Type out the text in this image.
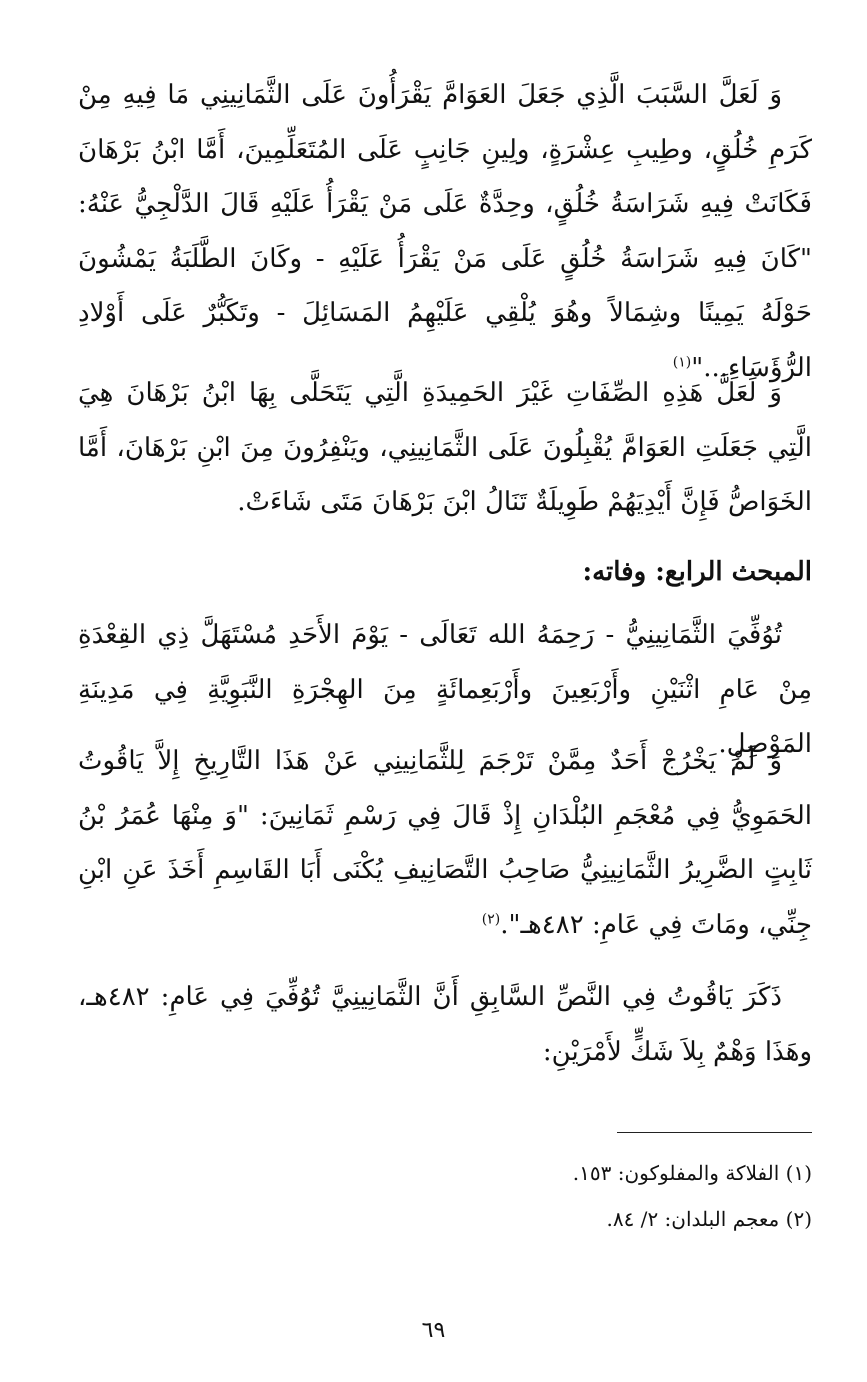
وَ لَعَلَّ السَّبَبَ الَّذِي جَعَلَ العَوَامَّ يَقْرَأُونَ عَلَى الثَّمَانِينِي مَا فِيهِ مِنْ كَرَمِ خُلُقٍ، وطِيبِ عِشْرَةٍ، ولِينِ جَانِبٍ عَلَى المُتَعَلِّمِينَ، أَمَّا ابْنُ بَرْهَانَ فَكَانَتْ فِيهِ شَرَاسَةُ خُلُقٍ، وحِدَّةٌ عَلَى مَنْ يَقْرَأُ عَلَيْهِ قَالَ الدَّلْجِيُّ عَنْهُ: "كَانَ فِيهِ شَرَاسَةُ خُلُقٍ عَلَى مَنْ يَقْرَأُ عَلَيْهِ - وكَانَ الطَّلَبَةُ يَمْشُونَ حَوْلَهُ يَمِينًا وشِمَالاً وهُوَ يُلْقِي عَلَيْهِمُ المَسَائِلَ - وتَكَبُّرٌ عَلَى أَوْلادِ الرُّؤَسَاءِ..."$^{(١)}$

وَ لَعَلَّ هَذِهِ الصِّفَاتِ غَيْرَ الحَمِيدَةِ الَّتِي يَتَحَلَّى بِهَا ابْنُ بَرْهَانَ هِيَ الَّتِي جَعَلَتِ العَوَامَّ يُقْبِلُونَ عَلَى الثَّمَانِينِي، ويَنْفِرُونَ مِنَ ابْنِ بَرْهَانَ، أَمَّا الخَوَاصُّ فَإِنَّ أَيْدِيَهُمْ طَوِيلَةٌ تَنَالُ ابْنَ بَرْهَانَ مَتَى شَاءَتْ.

المبحث الرابع: وفاته:

تُوُفِّيَ الثَّمَانِينِيُّ - رَحِمَهُ الله تَعَالَى - يَوْمَ الأَحَدِ مُسْتَهَلَّ ذِي القِعْدَةِ مِنْ عَامِ اثْنَيْنِ وأَرْبَعِينَ وأَرْبَعِمائَةٍ مِنَ الهِجْرَةِ النَّبَوِيَّةِ فِي مَدِينَةِ المَوْصِلِ.

وَ لَمْ يَخْرُجْ أَحَدٌ مِمَّنْ تَرْجَمَ لِلثَّمَانِينِي عَنْ هَذَا التَّارِيخِ إِلاَّ يَاقُوتُ الحَمَوِيُّ فِي مُعْجَمِ البُلْدَانِ إِذْ قَالَ فِي رَسْمِ ثَمَانِينَ: "وَ مِنْهَا عُمَرُ بْنُ ثَابِتٍ الضَّرِيرُ الثَّمَانِينِيُّ صَاحِبُ التَّصَانِيفِ يُكْنَى أَبَا القَاسِمِ أَخَذَ عَنِ ابْنِ جِنِّي، ومَاتَ فِي عَامِ: ٤٨٢هـ".$^{(٢)}$

ذَكَرَ يَاقُوتُ فِي النَّصِّ السَّابِقِ أَنَّ الثَّمَانِينِيَّ تُوُفِّيَ فِي عَامِ: ٤٨٢هـ، وهَذَا وَهْمٌ بِلاَ شَكٍّ لأَمْرَيْنِ:

(١) الفلاكة والمفلوكون: ١٥٣.

(٢) معجم البلدان: ٢/ ٨٤.

٦٩
